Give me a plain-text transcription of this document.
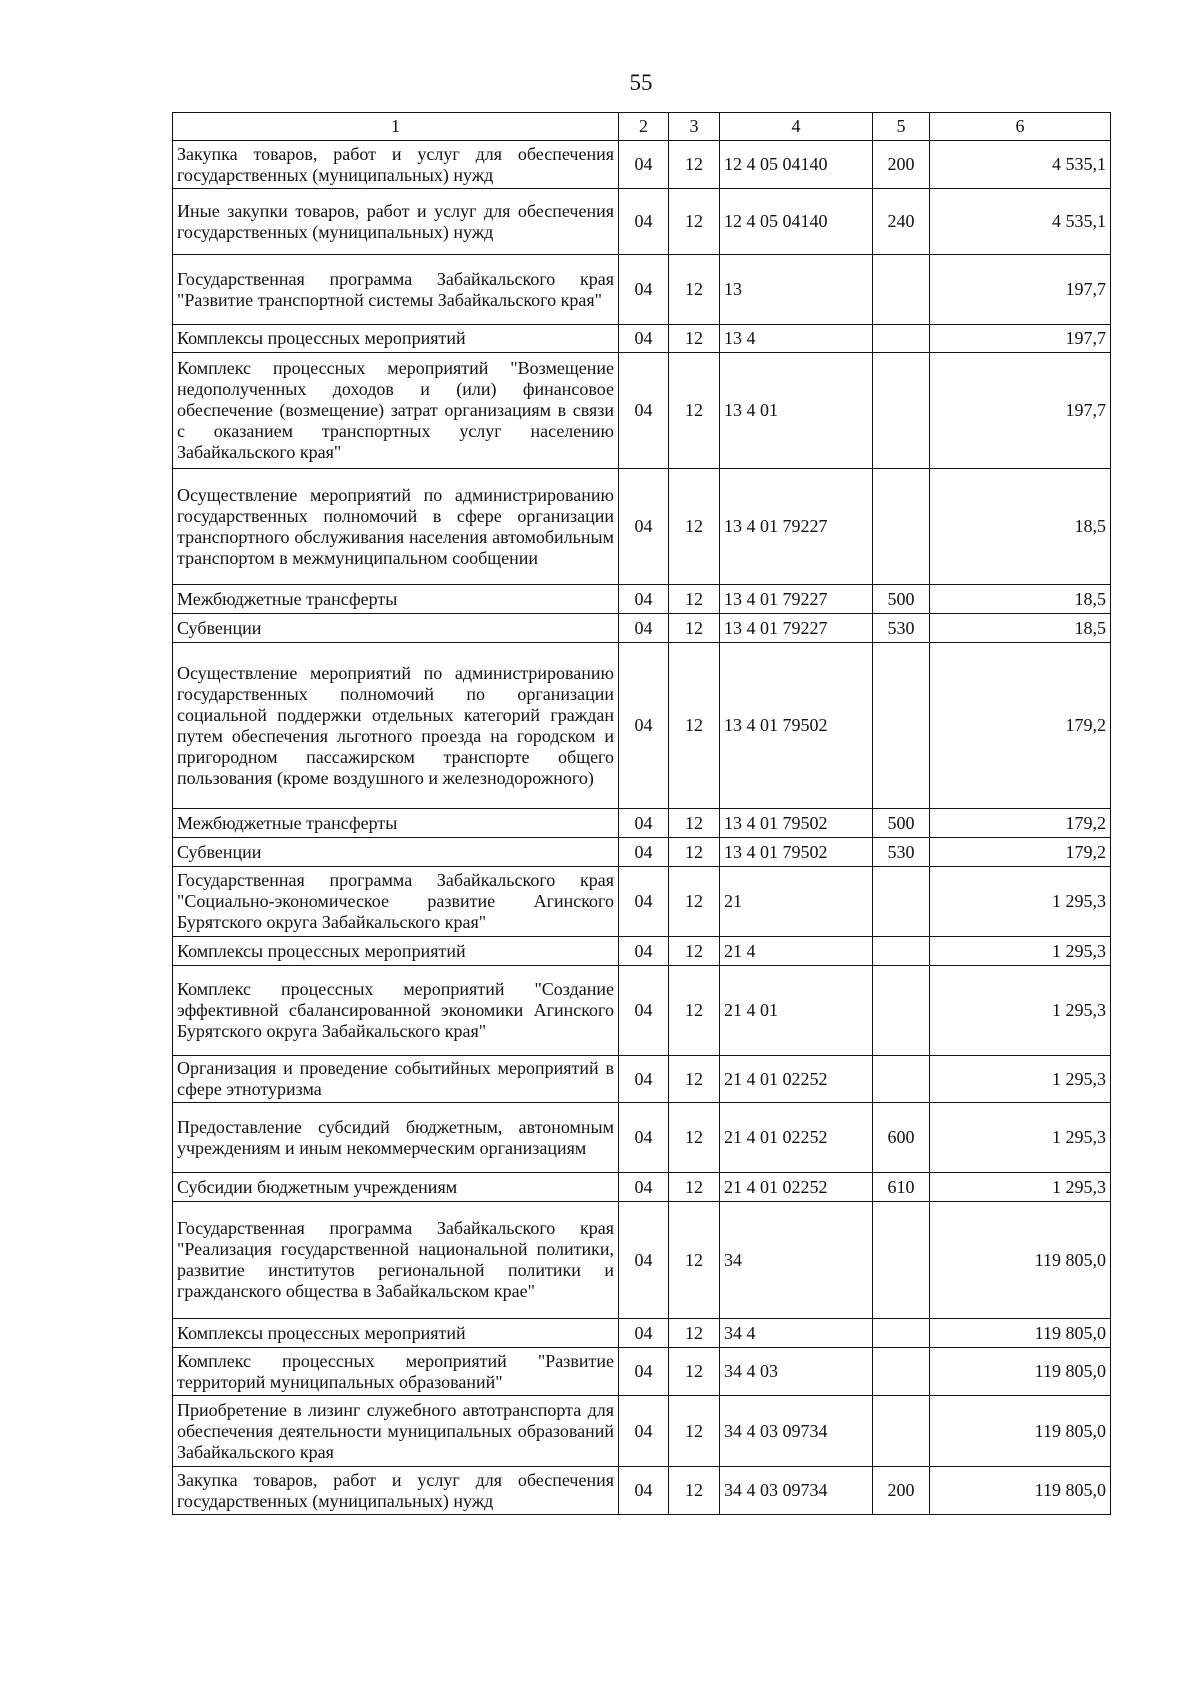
55
1	2	3	4	5	6
Закупка товаров, работ и услуг для обеспечения государственных (муниципальных) нужд	04	12	12 4 05 04140	200	4 535,1
Иные закупки товаров, работ и услуг для обеспечения государственных (муниципальных) нужд	04	12	12 4 05 04140	240	4 535,1
Государственная программа Забайкальского края "Развитие транспортной системы Забайкальского края"	04	12	13		197,7
Комплексы процессных мероприятий	04	12	13 4		197,7
Комплекс процессных мероприятий "Возмещение недополученных доходов и (или) финансовое обеспечение (возмещение) затрат организациям в связи с оказанием транспортных услуг населению Забайкальского края"	04	12	13 4 01		197,7
Осуществление мероприятий по администрированию государственных полномочий в сфере организации транспортного обслуживания населения автомобильным транспортом в межмуниципальном сообщении	04	12	13 4 01 79227		18,5
Межбюджетные трансферты	04	12	13 4 01 79227	500	18,5
Субвенции	04	12	13 4 01 79227	530	18,5
Осуществление мероприятий по администрированию государственных полномочий по организации социальной поддержки отдельных категорий граждан путем обеспечения льготного проезда на городском и пригородном пассажирском транспорте общего пользования (кроме воздушного и железнодорожного)	04	12	13 4 01 79502		179,2
Межбюджетные трансферты	04	12	13 4 01 79502	500	179,2
Субвенции	04	12	13 4 01 79502	530	179,2
Государственная программа Забайкальского края "Социально-экономическое развитие Агинского Бурятского округа Забайкальского края"	04	12	21		1 295,3
Комплексы процессных мероприятий	04	12	21 4		1 295,3
Комплекс процессных мероприятий "Создание эффективной сбалансированной экономики Агинского Бурятского округа Забайкальского края"	04	12	21 4 01		1 295,3
Организация и проведение событийных мероприятий в сфере этнотуризма	04	12	21 4 01 02252		1 295,3
Предоставление субсидий бюджетным, автономным учреждениям и иным некоммерческим организациям	04	12	21 4 01 02252	600	1 295,3
Субсидии бюджетным учреждениям	04	12	21 4 01 02252	610	1 295,3
Государственная программа Забайкальского края "Реализация государственной национальной политики, развитие институтов региональной политики и гражданского общества в Забайкальском крае"	04	12	34		119 805,0
Комплексы процессных мероприятий	04	12	34 4		119 805,0
Комплекс процессных мероприятий "Развитие территорий муниципальных образований"	04	12	34 4 03		119 805,0
Приобретение в лизинг служебного автотранспорта для обеспечения деятельности муниципальных образований Забайкальского края	04	12	34 4 03 09734		119 805,0
Закупка товаров, работ и услуг для обеспечения государственных (муниципальных) нужд	04	12	34 4 03 09734	200	119 805,0
